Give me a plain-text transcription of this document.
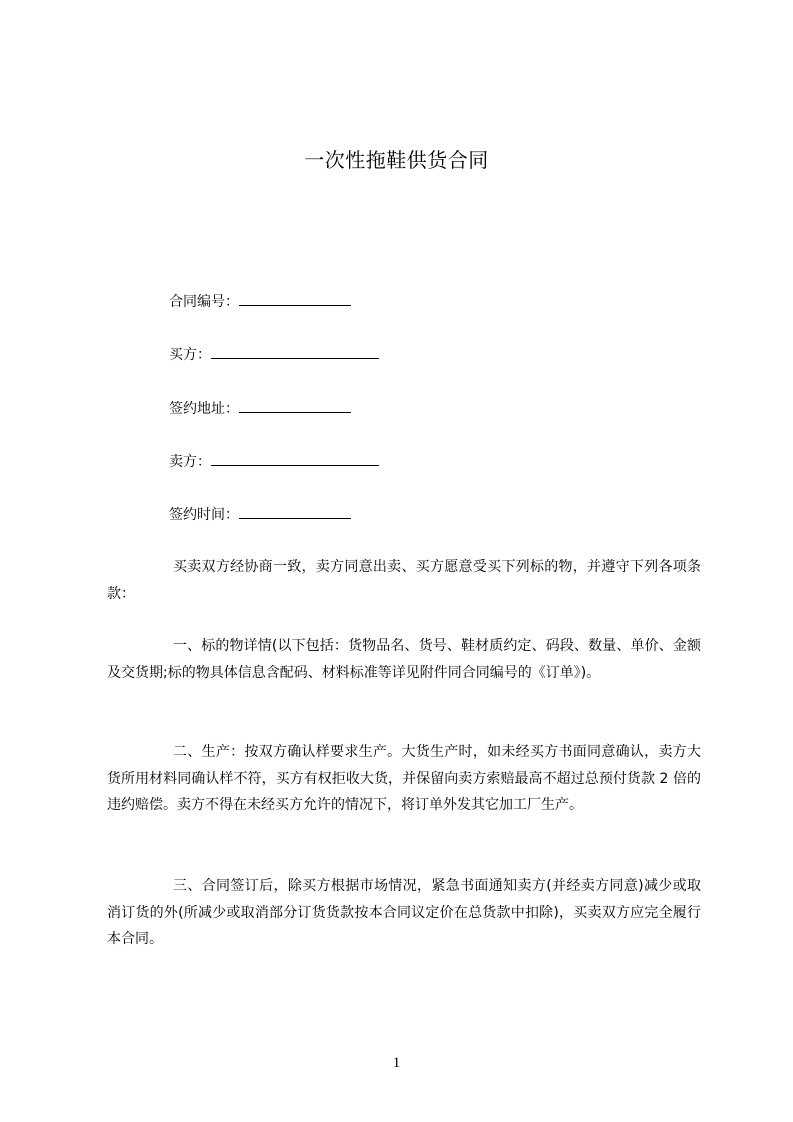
一次性拖鞋供货合同
合同编号：
买方：
签约地址：
卖方：
签约时间：
买卖双方经协商一致，卖方同意出卖、买方愿意受买下列标的物，并遵守下列各项条款：
一、标的物详情(以下包括：货物品名、货号、鞋材质约定、码段、数量、单价、金额及交货期;标的物具体信息含配码、材料标准等详见附件同合同编号的《订单》)。
二、生产：按双方确认样要求生产。大货生产时，如未经买方书面同意确认，卖方大货所用材料同确认样不符，买方有权拒收大货，并保留向卖方索赔最高不超过总预付货款 2 倍的违约赔偿。卖方不得在未经买方允许的情况下，将订单外发其它加工厂生产。
三、合同签订后，除买方根据市场情况，紧急书面通知卖方(并经卖方同意)减少或取消订货的外(所减少或取消部分订货货款按本合同议定价在总货款中扣除)，买卖双方应完全履行本合同。
1
